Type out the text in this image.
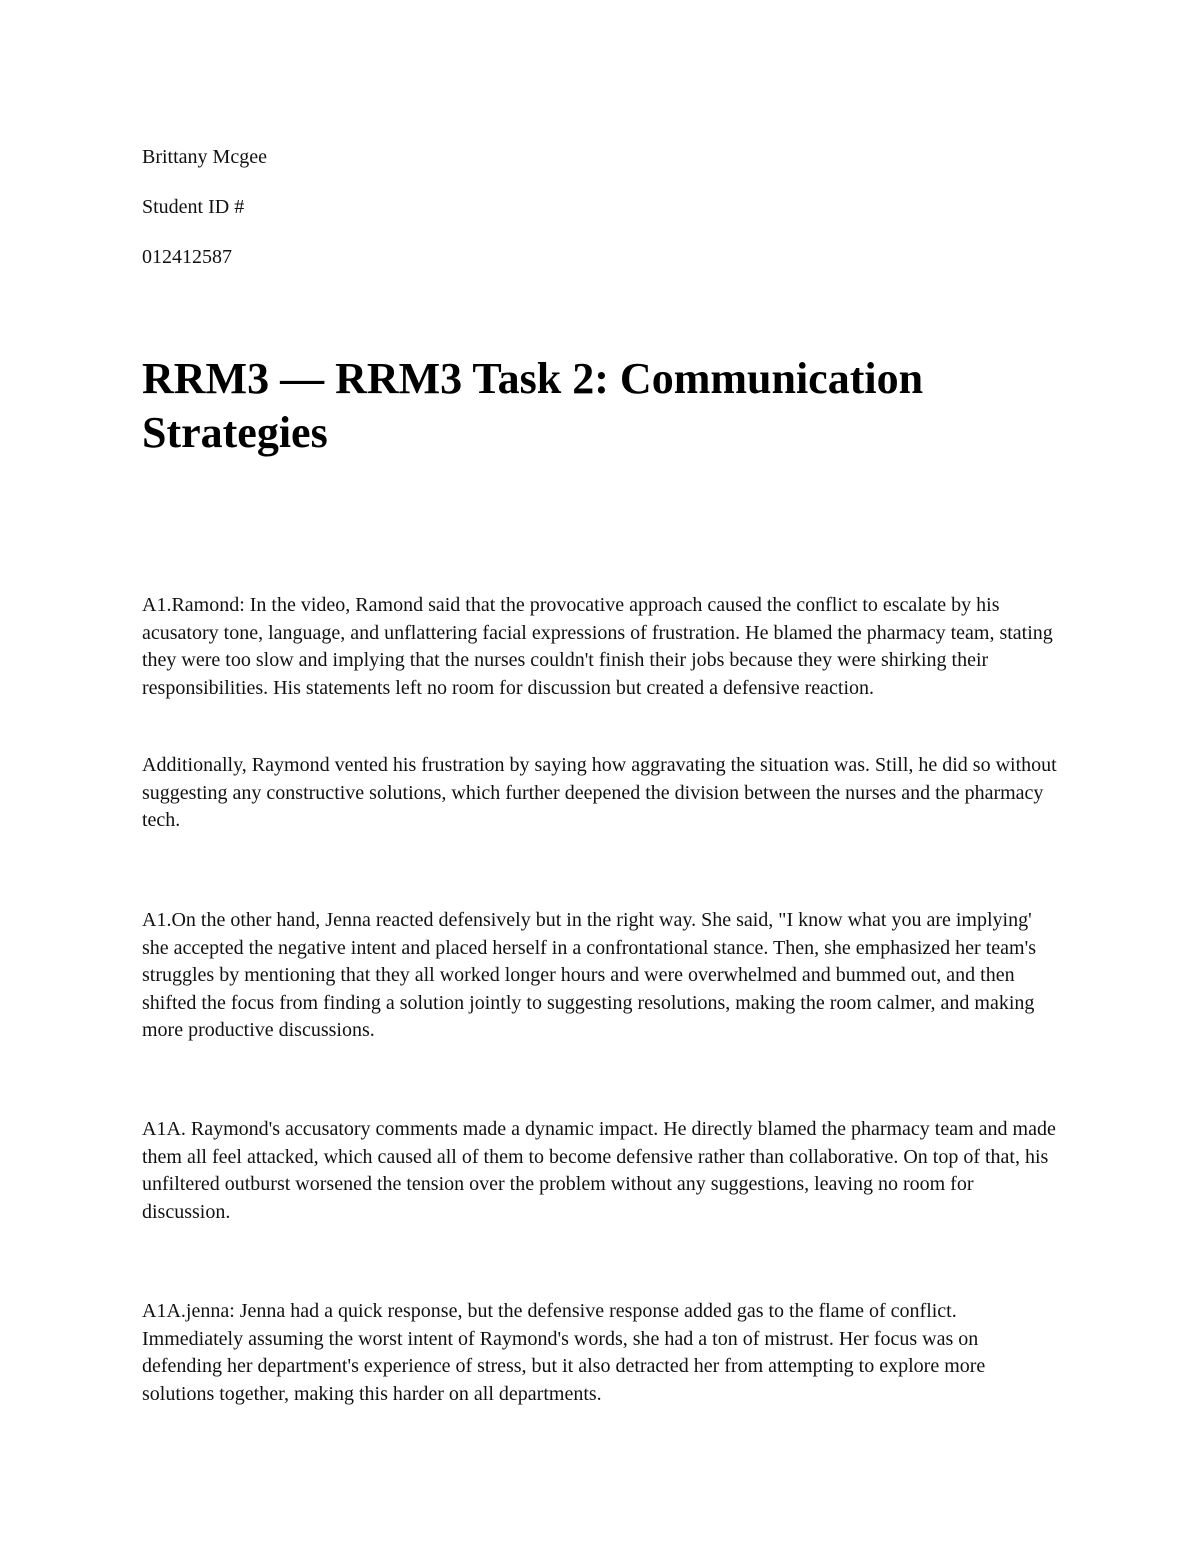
Brittany Mcgee

Student ID #

012412587

RRM3 — RRM3 Task 2: Communication Strategies

A1.Ramond: In the video, Ramond said that the provocative approach caused the conflict to escalate by his acusatory tone, language, and unflattering facial expressions of frustration. He blamed the pharmacy team, stating they were too slow and implying that the nurses couldn't finish their jobs because they were shirking their responsibilities. His statements left no room for discussion but created a defensive reaction.

Additionally, Raymond vented his frustration by saying how aggravating the situation was. Still, he did so without suggesting any constructive solutions, which further deepened the division between the nurses and the pharmacy tech.

A1.On the other hand, Jenna reacted defensively but in the right way. She said, "I know what you are implying' she accepted the negative intent and placed herself in a confrontational stance. Then, she emphasized her team's struggles by mentioning that they all worked longer hours and were overwhelmed and bummed out, and then shifted the focus from finding a solution jointly to suggesting resolutions, making the room calmer, and making more productive discussions.

A1A. Raymond's accusatory comments made a dynamic impact. He directly blamed the pharmacy team and made them all feel attacked, which caused all of them to become defensive rather than collaborative. On top of that, his unfiltered outburst worsened the tension over the problem without any suggestions, leaving no room for discussion.

A1A.jenna: Jenna had a quick response, but the defensive response added gas to the flame of conflict. Immediately assuming the worst intent of Raymond's words, she had a ton of mistrust. Her focus was on defending her department's experience of stress, but it also detracted her from attempting to explore more solutions together, making this harder on all departments.
